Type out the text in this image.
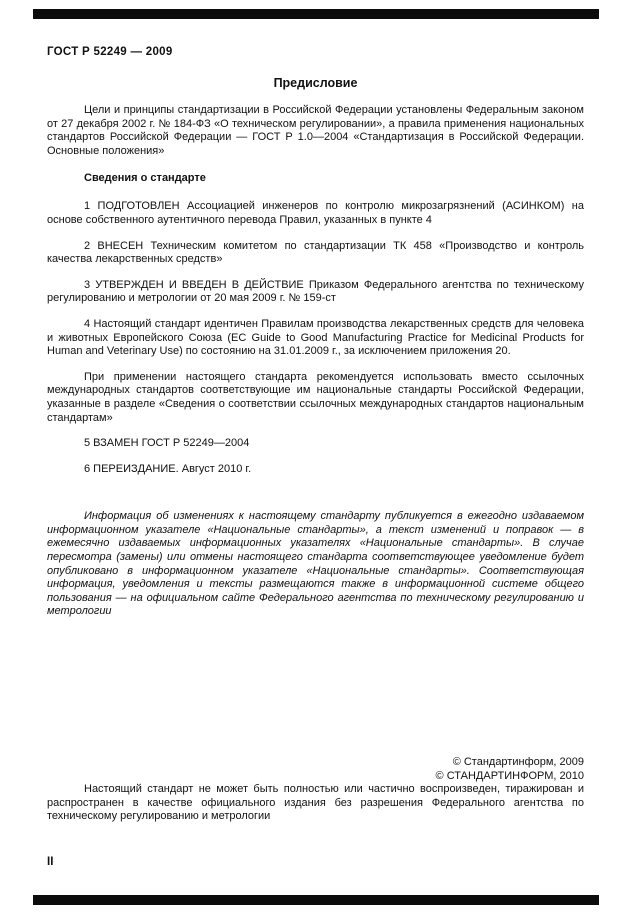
ГОСТ Р 52249 — 2009
Предисловие

Цели и принципы стандартизации в Российской Федерации установлены Федеральным законом от 27 декабря 2002 г. № 184-ФЗ «О техническом регулировании», а правила применения национальных стандартов Российской Федерации — ГОСТ Р 1.0—2004 «Стандартизация в Российской Федерации. Основные положения»

Сведения о стандарте

1 ПОДГОТОВЛЕН Ассоциацией инженеров по контролю микрозагрязнений (АСИНКОМ) на основе собственного аутентичного перевода Правил, указанных в пункте 4

2 ВНЕСЕН Техническим комитетом по стандартизации ТК 458 «Производство и контроль качества лекарственных средств»

3 УТВЕРЖДЕН И ВВЕДЕН В ДЕЙСТВИЕ Приказом Федерального агентства по техническому регулированию и метрологии от 20 мая 2009 г. № 159-ст

4 Настоящий стандарт идентичен Правилам производства лекарственных средств для человека и животных Европейского Союза (EC Guide to Good Manufacturing Practice for Medicinal Products for Human and Veterinary Use) по состоянию на 31.01.2009 г., за исключением приложения 20.

При применении настоящего стандарта рекомендуется использовать вместо ссылочных международных стандартов соответствующие им национальные стандарты Российской Федерации, указанные в разделе «Сведения о соответствии ссылочных международных стандартов национальным стандартам»

5 ВЗАМЕН ГОСТ Р 52249—2004

6 ПЕРЕИЗДАНИЕ. Август 2010 г.

Информация об изменениях к настоящему стандарту публикуется в ежегодно издаваемом информационном указателе «Национальные стандарты», а текст изменений и поправок — в ежемесячно издаваемых информационных указателях «Национальные стандарты». В случае пересмотра (замены) или отмены настоящего стандарта соответствующее уведомление будет опубликовано в информационном указателе «Национальные стандарты». Соответствующая информация, уведомления и тексты размещаются также в информационной системе общего пользования — на официальном сайте Федерального агентства по техническому регулированию и метрологии

© Стандартинформ, 2009
© СТАНДАРТИНФОРМ, 2010

Настоящий стандарт не может быть полностью или частично воспроизведен, тиражирован и распространен в качестве официального издания без разрешения Федерального агентства по техническому регулированию и метрологии

II
